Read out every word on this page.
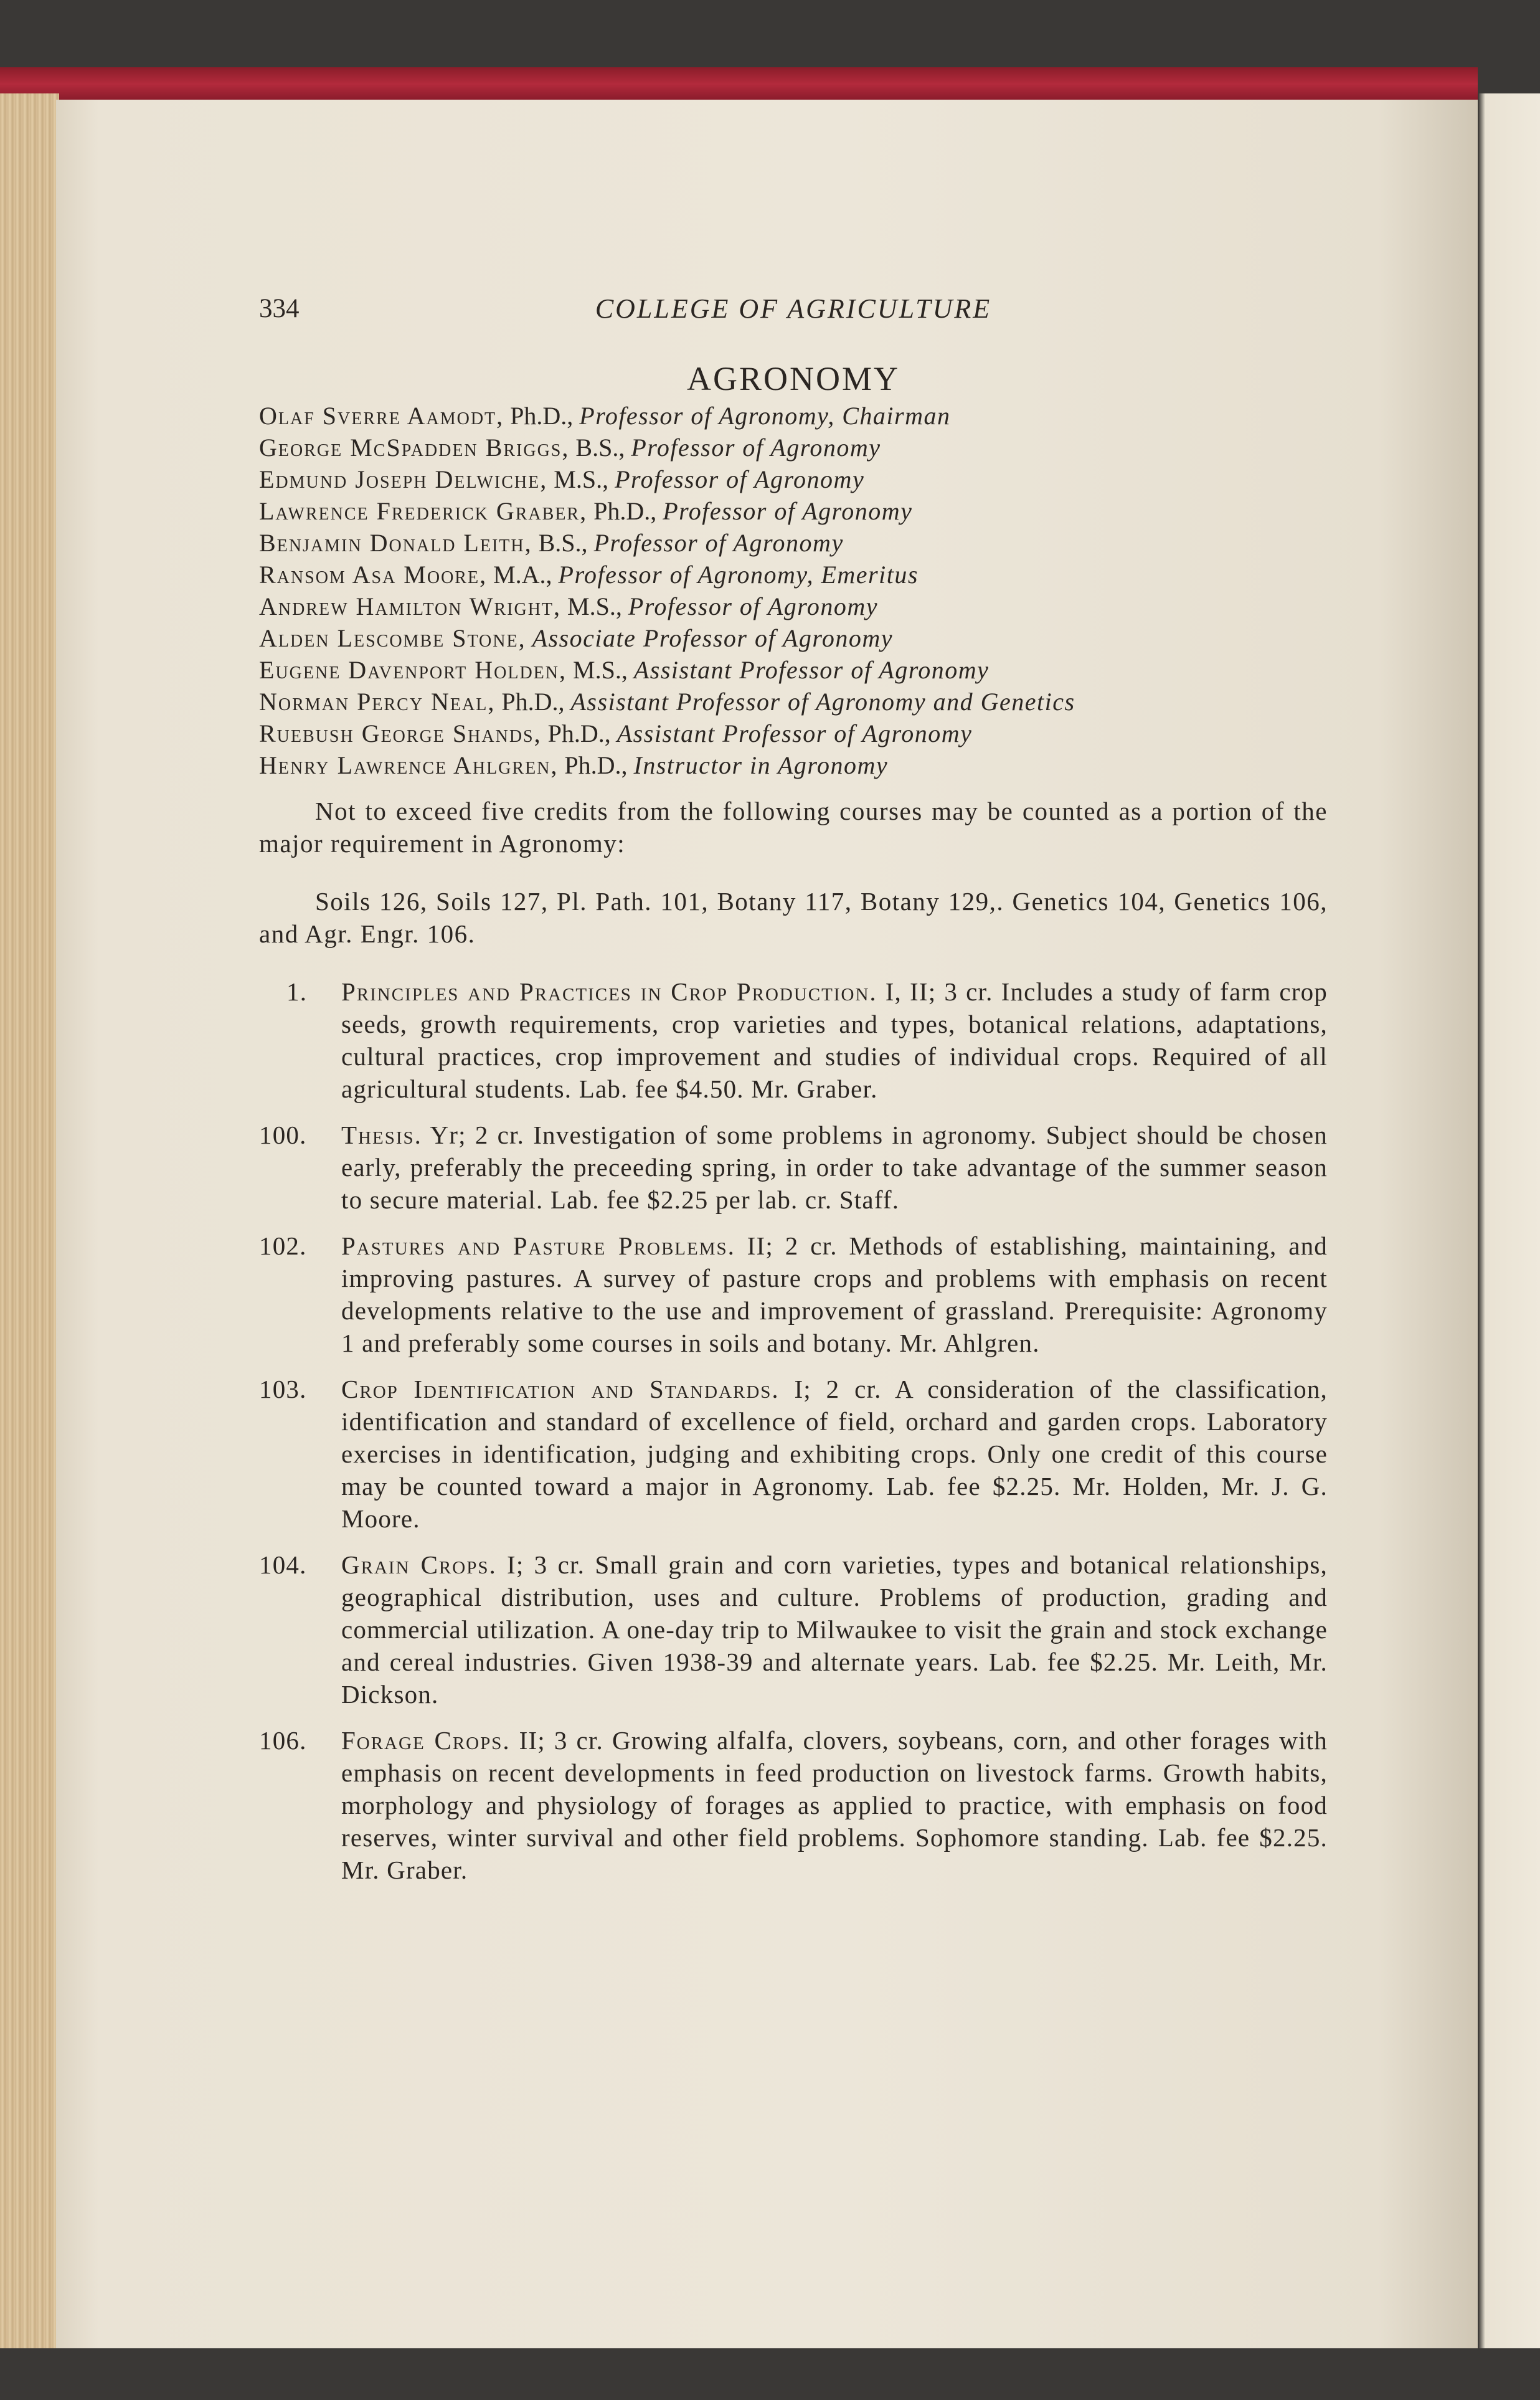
334	COLLEGE OF AGRICULTURE
AGRONOMY
Olaf Sverre Aamodt, Ph.D., Professor of Agronomy, Chairman
George McSpadden Briggs, B.S., Professor of Agronomy
Edmund Joseph Delwiche, M.S., Professor of Agronomy
Lawrence Frederick Graber, Ph.D., Professor of Agronomy
Benjamin Donald Leith, B.S., Professor of Agronomy
Ransom Asa Moore, M.A., Professor of Agronomy, Emeritus
Andrew Hamilton Wright, M.S., Professor of Agronomy
Alden Lescombe Stone, Associate Professor of Agronomy
Eugene Davenport Holden, M.S., Assistant Professor of Agronomy
Norman Percy Neal, Ph.D., Assistant Professor of Agronomy and Genetics
Ruebush George Shands, Ph.D., Assistant Professor of Agronomy
Henry Lawrence Ahlgren, Ph.D., Instructor in Agronomy

Not to exceed five credits from the following courses may be counted as a portion of the major requirement in Agronomy:

Soils 126, Soils 127, Pl. Path. 101, Botany 117, Botany 129,. Genetics 104, Genetics 106, and Agr. Engr. 106.

1. Principles and Practices in Crop Production. I, II; 3 cr. Includes a study of farm crop seeds, growth requirements, crop varieties and types, botanical relations, adaptations, cultural practices, crop improvement and studies of individual crops. Required of all agricultural students. Lab. fee $4.50. Mr. Graber.
100. Thesis. Yr; 2 cr. Investigation of some problems in agronomy. Subject should be chosen early, preferably the preceeding spring, in order to take advantage of the summer season to secure material. Lab. fee $2.25 per lab. cr. Staff.
102. Pastures and Pasture Problems. II; 2 cr. Methods of establishing, maintaining, and improving pastures. A survey of pasture crops and problems with emphasis on recent developments relative to the use and improvement of grassland. Prerequisite: Agronomy 1 and preferably some courses in soils and botany. Mr. Ahlgren.
103. Crop Identification and Standards. I; 2 cr. A consideration of the classification, identification and standard of excellence of field, orchard and garden crops. Laboratory exercises in identification, judging and exhibiting crops. Only one credit of this course may be counted toward a major in Agronomy. Lab. fee $2.25. Mr. Holden, Mr. J. G. Moore.
104. Grain Crops. I; 3 cr. Small grain and corn varieties, types and botanical relationships, geographical distribution, uses and culture. Problems of production, grading and commercial utilization. A one-day trip to Milwaukee to visit the grain and stock exchange and cereal industries. Given 1938-39 and alternate years. Lab. fee $2.25. Mr. Leith, Mr. Dickson.
106. Forage Crops. II; 3 cr. Growing alfalfa, clovers, soybeans, corn, and other forages with emphasis on recent developments in feed production on livestock farms. Growth habits, morphology and physiology of forages as applied to practice, with emphasis on food reserves, winter survival and other field problems. Sophomore standing. Lab. fee $2.25. Mr. Graber.
